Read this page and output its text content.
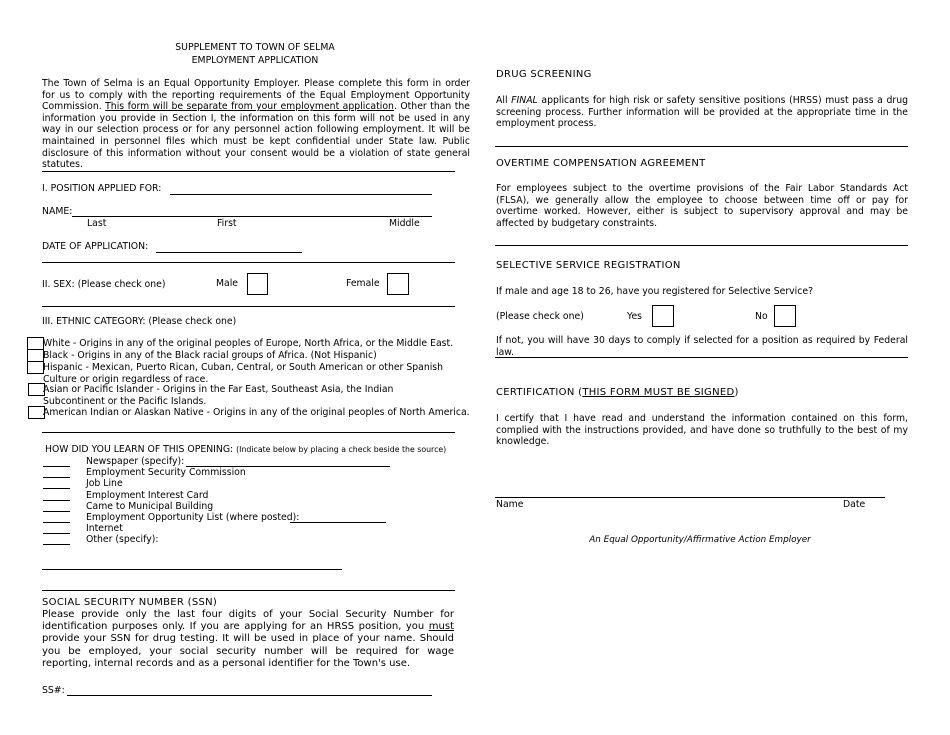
SUPPLEMENT TO TOWN OF SELMA
EMPLOYMENT APPLICATION
The Town of Selma is an Equal Opportunity Employer. Please complete this form in order for us to comply with the reporting requirements of the Equal Employment Opportunity Commission. This form will be separate from your employment application. Other than the information you provide in Section I, the information on this form will not be used in any way in our selection process or for any personnel action following employment. It will be maintained in personnel files which must be kept confidential under State law. Public disclosure of this information without your consent would be a violation of state general statutes.
I. POSITION APPLIED FOR:
NAME:
Last	First	Middle
DATE OF APPLICATION:
II. SEX: (Please check one)	Male	Female
III. ETHNIC CATEGORY: (Please check one)
White - Origins in any of the original peoples of Europe, North Africa, or the Middle East.
Black - Origins in any of the Black racial groups of Africa. (Not Hispanic)
Hispanic - Mexican, Puerto Rican, Cuban, Central, or South American or other Spanish Culture or origin regardless of race.
Asian or Pacific Islander - Origins in the Far East, Southeast Asia, the Indian Subcontinent or the Pacific Islands.
American Indian or Alaskan Native - Origins in any of the original peoples of North America.
HOW DID YOU LEARN OF THIS OPENING: (Indicate below by placing a check beside the source)
Newspaper (specify):
Employment Security Commission
Job Line
Employment Interest Card
Came to Municipal Building
Employment Opportunity List (where posted):
Internet
Other (specify):
SOCIAL SECURITY NUMBER (SSN)
Please provide only the last four digits of your Social Security Number for identification purposes only. If you are applying for an HRSS position, you must provide your SSN for drug testing. It will be used in place of your name. Should you be employed, your social security number will be required for wage reporting, internal records and as a personal identifier for the Town's use.
SS#:
DRUG SCREENING
All FINAL applicants for high risk or safety sensitive positions (HRSS) must pass a drug screening process. Further information will be provided at the appropriate time in the employment process.
OVERTIME COMPENSATION AGREEMENT
For employees subject to the overtime provisions of the Fair Labor Standards Act (FLSA), we generally allow the employee to choose between time off or pay for overtime worked. However, either is subject to supervisory approval and may be affected by budgetary constraints.
SELECTIVE SERVICE REGISTRATION
If male and age 18 to 26, have you registered for Selective Service?
(Please check one)	Yes	No
If not, you will have 30 days to comply if selected for a position as required by Federal law.
CERTIFICATION (THIS FORM MUST BE SIGNED)
I certify that I have read and understand the information contained on this form, complied with the instructions provided, and have done so truthfully to the best of my knowledge.
Name	Date
An Equal Opportunity/Affirmative Action Employer
